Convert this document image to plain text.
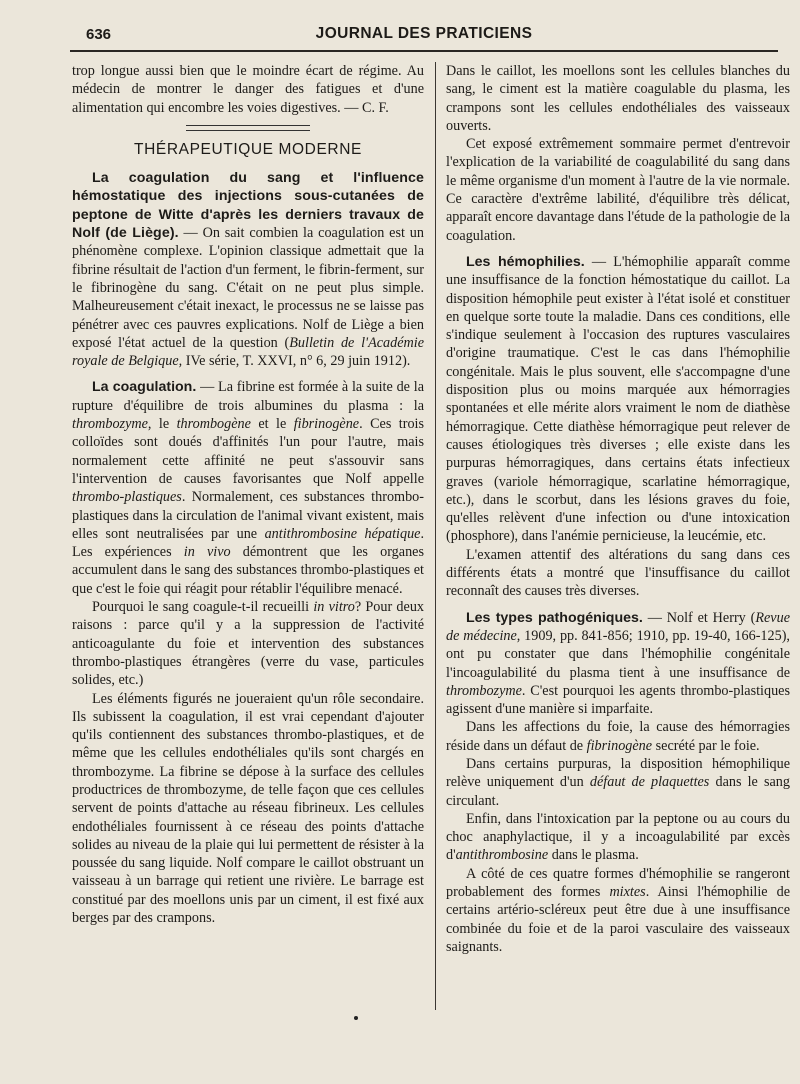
636	JOURNAL DES PRATICIENS

trop longue aussi bien que le moindre écart de régime. Au médecin de montrer le danger des fatigues et d'une alimentation qui encombre les voies digestives. — C. F.

THÉRAPEUTIQUE MODERNE

La coagulation du sang et l'influence hémostatique des injections sous-cutanées de peptone de Witte d'après les derniers travaux de Nolf (de Liège). — On sait combien la coagulation est un phénomène complexe. L'opinion classique admettait que la fibrine résultait de l'action d'un ferment, le fibrin-ferment, sur le fibrinogène du sang. C'était on ne peut plus simple. Malheureusement c'était inexact, le processus ne se laisse pas pénétrer avec ces pauvres explications. Nolf de Liège a bien exposé l'état actuel de la question (Bulletin de l'Académie royale de Belgique, IVe série, T. XXVI, n° 6, 29 juin 1912).

La coagulation. — La fibrine est formée à la suite de la rupture d'équilibre de trois albumines du plasma : la thrombozyme, le thrombogène et le fibrinogène. Ces trois colloïdes sont doués d'affinités l'un pour l'autre, mais normalement cette affinité ne peut s'assouvir sans l'intervention de causes favorisantes que Nolf appelle thrombo-plastiques. Normalement, ces substances thrombo-plastiques dans la circulation de l'animal vivant existent, mais elles sont neutralisées par une antithrombosine hépatique. Les expériences in vivo démontrent que les organes accumulent dans le sang des substances thrombo-plastiques et que c'est le foie qui réagit pour rétablir l'équilibre menacé.

Pourquoi le sang coagule-t-il recueilli in vitro? Pour deux raisons : parce qu'il y a la suppression de l'activité anticoagulante du foie et intervention des substances thrombo-plastiques étrangères (verre du vase, particules solides, etc.)

Les éléments figurés ne joueraient qu'un rôle secondaire. Ils subissent la coagulation, il est vrai cependant d'ajouter qu'ils contiennent des substances thrombo-plastiques, et de même que les cellules endothéliales qu'ils sont chargés en thrombozyme. La fibrine se dépose à la surface des cellules productrices de thrombozyme, de telle façon que ces cellules servent de points d'attache au réseau fibrineux. Les cellules endothéliales fournissent à ce réseau des points d'attache solides au niveau de la plaie qui lui permettent de résister à la poussée du sang liquide. Nolf compare le caillot obstruant un vaisseau à un barrage qui retient une rivière. Le barrage est constitué par des moellons unis par un ciment, il est fixé aux berges par des crampons.

Dans le caillot, les moellons sont les cellules blanches du sang, le ciment est la matière coagulable du plasma, les crampons sont les cellules endothéliales des vaisseaux ouverts.

Cet exposé extrêmement sommaire permet d'entrevoir l'explication de la variabilité de coagulabilité du sang dans le même organisme d'un moment à l'autre de la vie normale. Ce caractère d'extrême labilité, d'équilibre très délicat, apparaît encore davantage dans l'étude de la pathologie de la coagulation.

Les hémophilies. — L'hémophilie apparaît comme une insuffisance de la fonction hémostatique du caillot. La disposition hémophile peut exister à l'état isolé et constituer en quelque sorte toute la maladie. Dans ces conditions, elle s'indique seulement à l'occasion des ruptures vasculaires d'origine traumatique. C'est le cas dans l'hémophilie congénitale. Mais le plus souvent, elle s'accompagne d'une disposition plus ou moins marquée aux hémorragies spontanées et elle mérite alors vraiment le nom de diathèse hémorragique. Cette diathèse hémorragique peut relever de causes étiologiques très diverses ; elle existe dans les purpuras hémorragiques, dans certains états infectieux graves (variole hémorragique, scarlatine hémorragique, etc.), dans le scorbut, dans les lésions graves du foie, qu'elles relèvent d'une infection ou d'une intoxication (phosphore), dans l'anémie pernicieuse, la leucémie, etc.

L'examen attentif des altérations du sang dans ces différents états a montré que l'insuffisance du caillot reconnaît des causes très diverses.

Les types pathogéniques. — Nolf et Herry (Revue de médecine, 1909, pp. 841-856; 1910, pp. 19-40, 166-125), ont pu constater que dans l'hémophilie congénitale l'incoagulabilité du plasma tient à une insuffisance de thrombozyme. C'est pourquoi les agents thrombo-plastiques agissent d'une manière si imparfaite.

Dans les affections du foie, la cause des hémorragies réside dans un défaut de fibrinogène secrété par le foie.

Dans certains purpuras, la disposition hémophilique relève uniquement d'un défaut de plaquettes dans le sang circulant.

Enfin, dans l'intoxication par la peptone ou au cours du choc anaphylactique, il y a incoagulabilité par excès d'antithrombosine dans le plasma.

A côté de ces quatre formes d'hémophilie se rangeront probablement des formes mixtes. Ainsi l'hémophilie de certains artério-scléreux peut être due à une insuffisance combinée du foie et de la paroi vasculaire des vaisseaux saignants.
